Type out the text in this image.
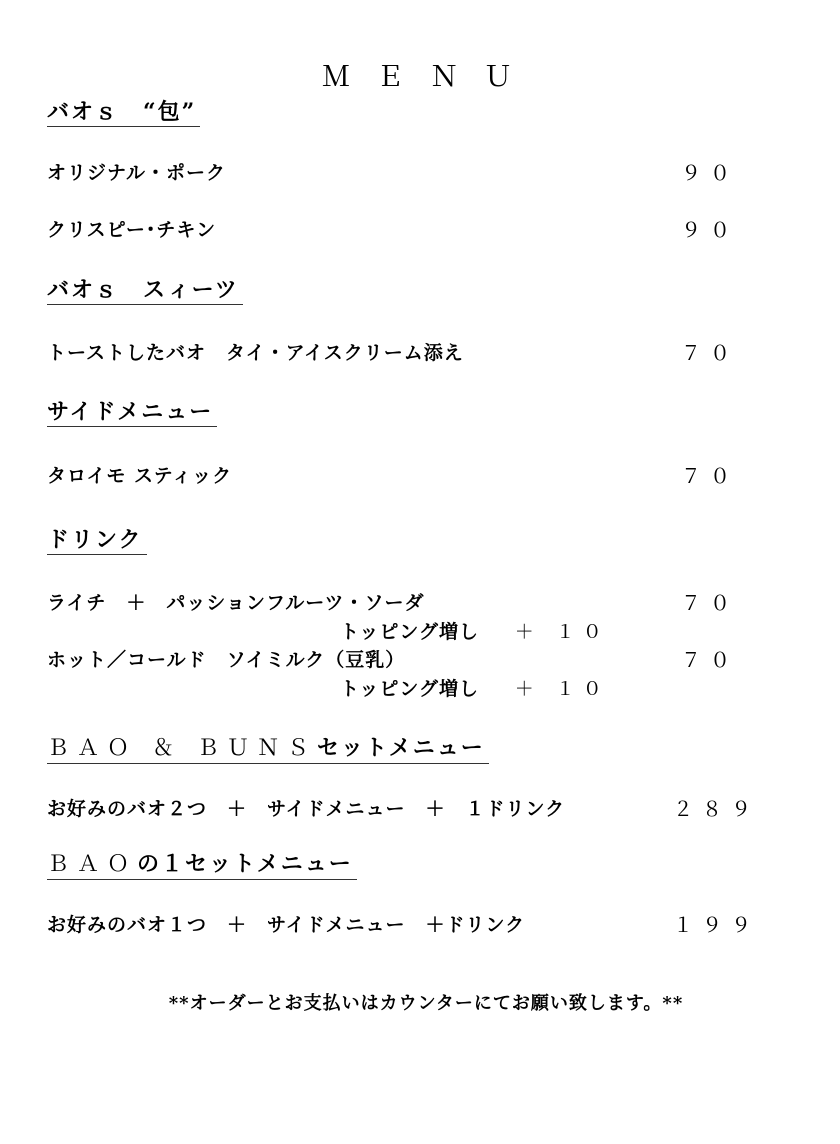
ＭＥＮＵ
バオｓ　“包”
オリジナル・ポーク	９０
クリスピー･チキン	９０
バオｓ　スィーツ
トーストしたバオ　タイ・アイスクリーム添え	７０
サイドメニュー
タロイモ スティック	７０
ドリンク
ライチ　＋　パッションフルーツ・ソーダ	７０
トッピング増し ＋ １０
ホット／コールド　ソイミルク（豆乳）	７０
トッピング増し ＋ １０
ＢＡＯ ＆ ＢＵＮＳセットメニュー
お好みのバオ２つ　＋　サイドメニュー　＋　１ドリンク	２８９
ＢＡＯの１セットメニュー
お好みのバオ１つ　＋　サイドメニュー　＋ドリンク	１９９
**オーダーとお支払いはカウンターにてお願い致します。**
